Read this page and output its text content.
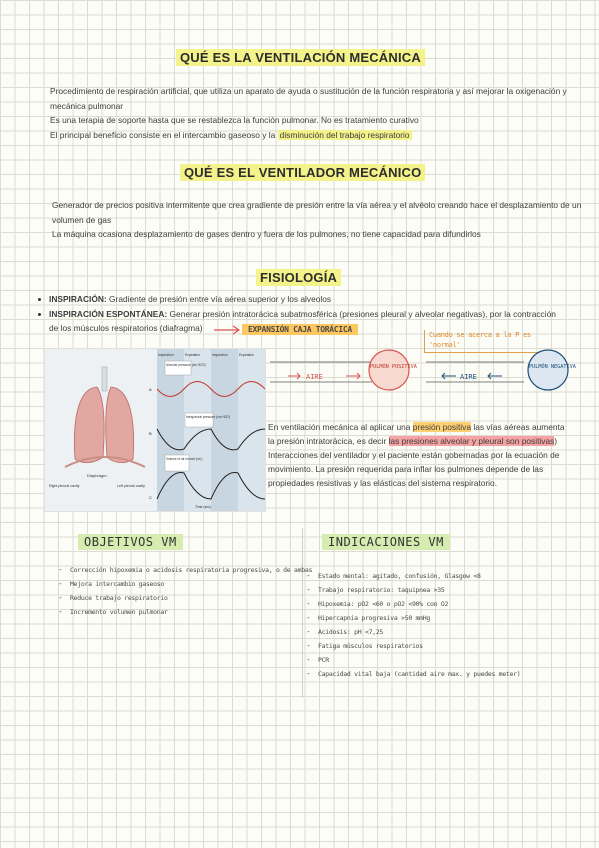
QUÉ ES LA VENTILACIÓN MECÁNICA
Procedimiento de respiración artificial, que utiliza un aparato de ayuda o sustitución de la función respiratoria y así mejorar la oxigenación y
mecánica pulmonar
Es una terapia de soporte hasta que se restablezca la función pulmonar. No es tratamiento curativo
El principal beneficio consiste en el intercambio gaseoso y la disminución del trabajo respiratorio
QUÉ ES EL VENTILADOR MECÁNICO
Generador de precios positiva intermitente que crea gradiente de presión entre la vía aérea y el alvéolo creando hace el desplazamiento de un
volumen de gas
La máquina ocasiona desplazamiento de gases dentro y fuera de los pulmones, no tiene capacidad para difundirlos
FISIOLOGÍA
INSPIRACIÓN: Gradiente de presión entre vía aérea superior y los alveolos
INSPIRACIÓN ESPONTÁNEA: Generar presión intratorácica subatmosférica (presiones pleural y alveolar negativas), por la contracción
de los músculos respiratorios (diafragma)	EXPANSIÓN CAJA TORÁCICA
Cuando se acerca a la P es 'normal'
Diaphragm
Right pleural cavity	Left pleural cavity
Inspiration	Expiration	Inspiration	Expiration
Alveolar pressure (cm H2O)
A
Intrapleural pressure (cm H2O)
B
Volume of air moved (mL)
C
Time (sec)
AIRE
PULMÓN POSITIVA
AIRE
PULMÓN NEGATIVA
En ventilación mecánica al aplicar una presión positiva las vías aéreas aumenta
la presión intratorácica, es decir las presiones alveolar y pleural son positivas)
Interacciones del ventilador y el paciente están gobernadas por la ecuación de
movimiento. La presión requerida para inflar los pulmones depende de las
propiedades resistivas y las elásticas del sistema respiratorio.
OBJETIVOS VM
- Corrección hipoxemia o acidosis respiratoria progresiva, o de ambas
- Mejora intercambio gaseoso
- Reduce trabajo respiratorio
- Incremento volumen pulmonar
INDICACIONES VM
- Estado mental: agitado, confusión, Glasgow <8
- Trabajo respiratorio: taquipnea >35
- Hipoxemia: pO2 <60 o pO2 <90% con O2
- Hipercapnia progresiva >50 mmHg
- Acidosis: pH <7,25
- Fatiga músculos respiratorios
- PCR
- Capacidad vital baja (cantidad aire max. y puedes meter)
